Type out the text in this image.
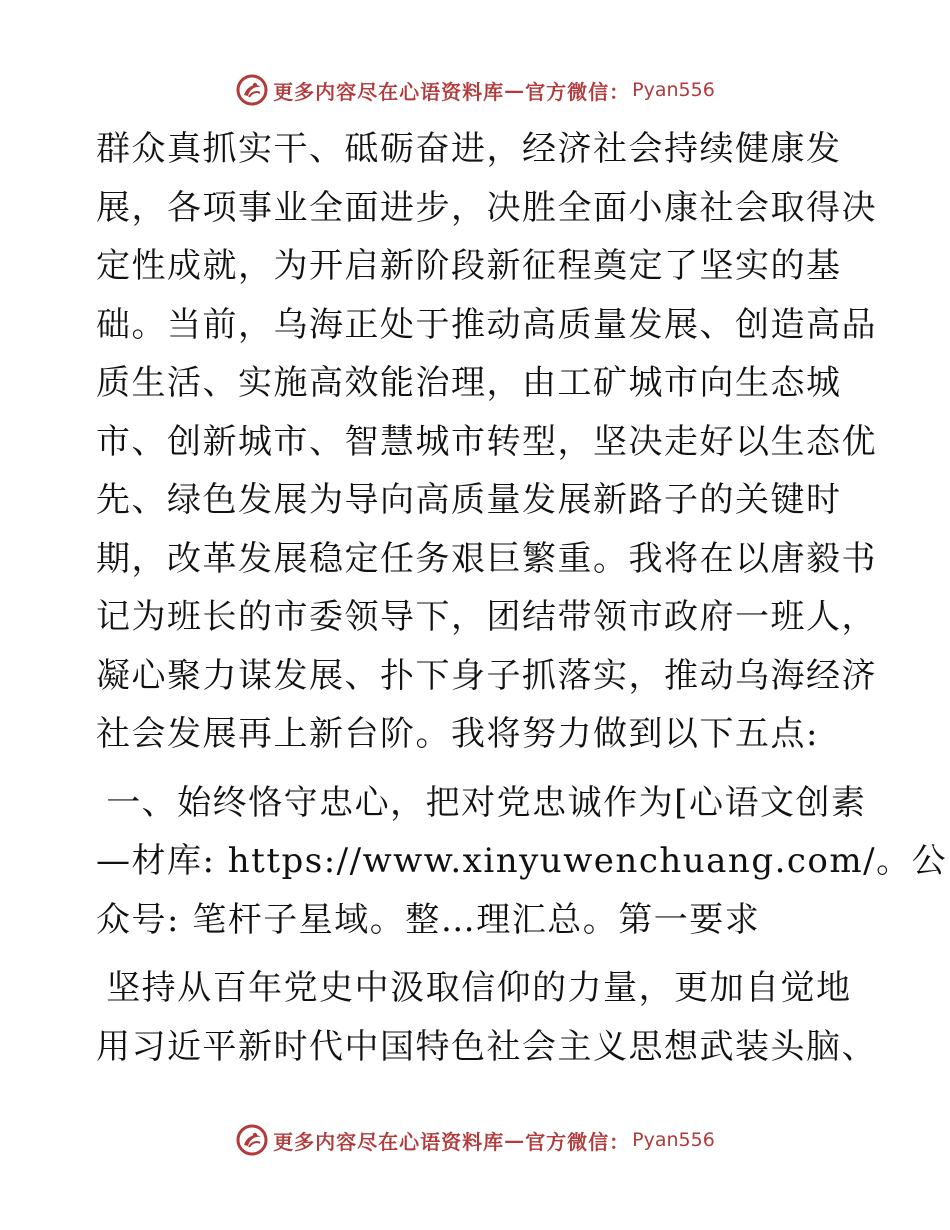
更多内容尽在心语资料库 — 官方微信： Pyan556

群众真抓实干、砥砺奋进，经济社会持续健康发
展，各项事业全面进步，决胜全面小康社会取得决
定性成就，为开启新阶段新征程奠定了坚实的基
础。当前，乌海正处于推动高质量发展、创造高品
质生活、实施高效能治理，由工矿城市向生态城
市、创新城市、智慧城市转型，坚决走好以生态优
先、绿色发展为导向高质量发展新路子的关键时
期，改革发展稳定任务艰巨繁重。我将在以唐毅书
记为班长的市委领导下，团结带领市政府一班人，
凝心聚力谋发展、扑下身子抓落实，推动乌海经济
社会发展再上新台阶。我将努力做到以下五点:

一、始终恪守忠心，把对党忠诚作为[心语文创素
—材库: https://www.xinyuwenchuang.com/。公
众号: 笔杆子星域。整…理汇总。第一要求

坚持从百年党史中汲取信仰的力量，更加自觉地
用习近平新时代中国特色社会主义思想武装头脑、

更多内容尽在心语资料库 — 官方微信： Pyan556
